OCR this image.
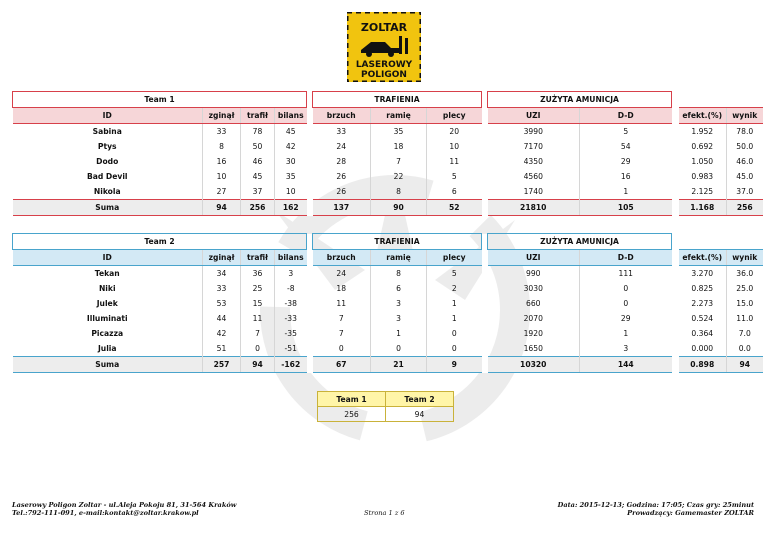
ZOLTAR
LASEROWY
POLIGON
Team 1					TRAFIENIA				ZUŻYTA AMUNICJA				
ID	zginął	trafił	bilans		brzuch	ramię	plecy		UZI	D-D		efekt.(%)	wynik
Sabina	33	78	45		33	35	20		3990	5		1.952	78.0
Ptys	8	50	42		24	18	10		7170	54		0.692	50.0
Dodo	16	46	30		28	7	11		4350	29		1.050	46.0
Bad Devil	10	45	35		26	22	5		4560	16		0.983	45.0
Nikola	27	37	10		26	8	6		1740	1		2.125	37.0
Suma	94	256	162		137	90	52		21810	105		1.168	256
Team 2					TRAFIENIA				ZUŻYTA AMUNICJA				
ID	zginął	trafił	bilans		brzuch	ramię	plecy		UZI	D-D		efekt.(%)	wynik
Tekan	34	36	3		24	8	5		990	111		3.270	36.0
Niki	33	25	-8		18	6	2		3030	0		0.825	25.0
Julek	53	15	-38		11	3	1		660	0		2.273	15.0
Illuminati	44	11	-33		7	3	1		2070	29		0.524	11.0
Picazza	42	7	-35		7	1	0		1920	1		0.364	7.0
Julia	51	0	-51		0	0	0		1650	3		0.000	0.0
Suma	257	94	-162		67	21	9		10320	144		0.898	94
Team 1	Team 2
256	94
Laserowy Poligon Zoltar - ul.Aleja Pokoju 81, 31-564 Kraków
Tel.:792-111-091, e-mail:kontakt@zoltar.krakow.pl	Strona 1 z 6
Data: 2015-12-13; Godzina: 17:05; Czas gry: 25minut
Prowadzący: Gamemaster ZOLTAR
